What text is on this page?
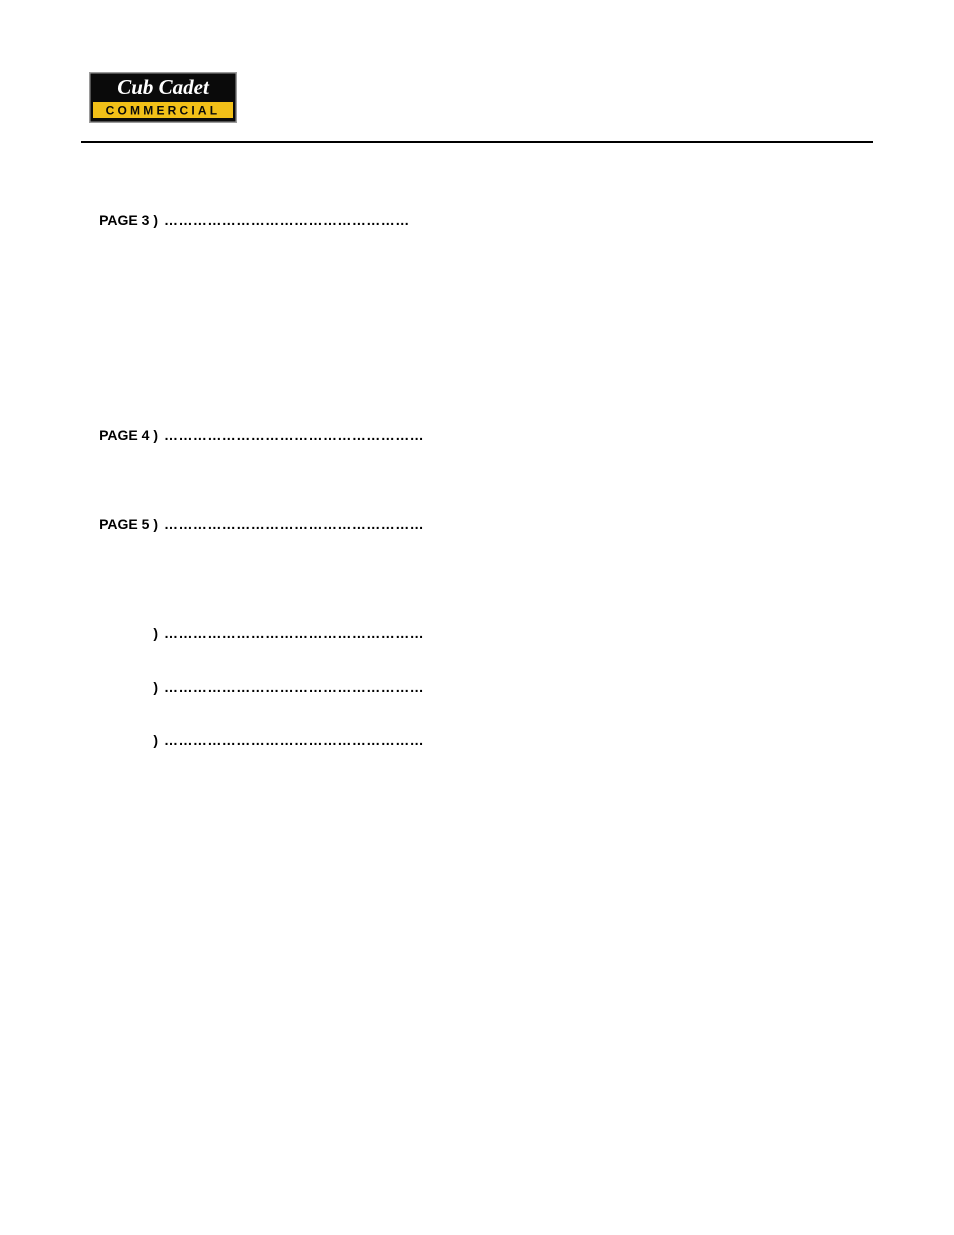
Cub Cadet
COMMERCIAL
PAGE 3 ) ……………………………………………
PAGE 4 ) ………………………………………………
PAGE 5 ) ………………………………………………
) ………………………………………………
) ………………………………………………
) ………………………………………………
